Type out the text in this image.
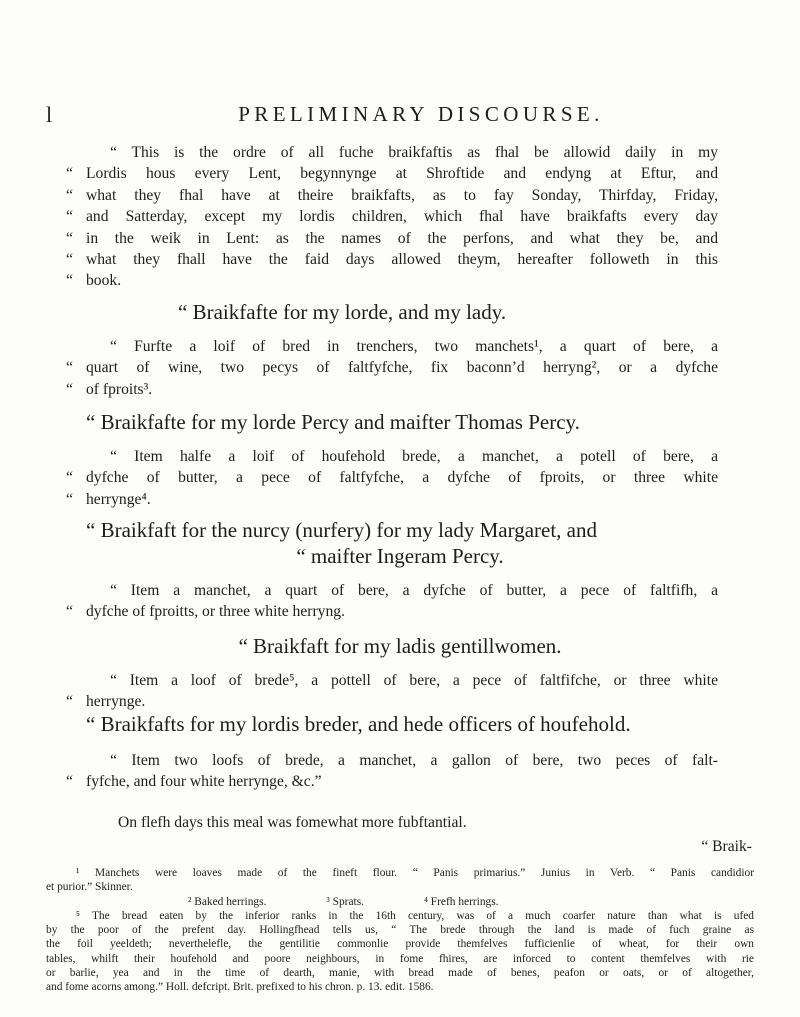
l	PRELIMINARY DISCOURSE.
“ This is the ordre of all fuche braikfaftis as fhal be allowid daily in my
“ Lordis hous every Lent, begynnynge at Shroftide and endyng at Eftur, and
“ what they fhal have at theire braikfafts, as to fay Sonday, Thirfday, Friday,
“ and Satterday, except my lordis children, which fhal have braikfafts every day
“ in the weik in Lent: as the names of the perfons, and what they be, and
“ what they fhall have the faid days allowed theym, hereafter followeth in this
“ book.
“ Braikfafte for my lorde, and my lady.
“ Furfte a loif of bred in trenchers, two manchets¹, a quart of bere, a
“ quart of wine, two pecys of faltfyfche, fix baconn’d herryng², or a dyfche
“ of fproits³.
“ Braikfafte for my lorde Percy and maifter Thomas Percy.
“ Item halfe a loif of houfehold brede, a manchet, a potell of bere, a
“ dyfche of butter, a pece of faltfyfche, a dyfche of fproits, or three white
“ herrynge⁴.
“ Braikfaft for the nurcy (nurfery) for my lady Margaret, and
“ maifter Ingeram Percy.
“ Item a manchet, a quart of bere, a dyfche of butter, a pece of faltfifh, a
“ dyfche of fproitts, or three white herryng.
“ Braikfaft for my ladis gentillwomen.
“ Item a loof of brede⁵, a pottell of bere, a pece of faltfifche, or three white
“ herrynge.
“ Braikfafts for my lordis breder, and hede officers of houfehold.
“ Item two loofs of brede, a manchet, a gallon of bere, two peces of falt-
“ fyfche, and four white herrynge, &c.”
On flefh days this meal was fomewhat more fubftantial.
“ Braik-
¹ Manchets were loaves made of the fineft flour. “ Panis primarius.” Junius in Verb. “ Panis candidior
et purior.” Skinner.
² Baked herrings.	³ Sprats.	⁴ Frefh herrings.
⁵ The bread eaten by the inferior ranks in the 16th century, was of a much coarfer nature than what is ufed
by the poor of the prefent day. Hollingfhead tells us, “ The brede through the land is made of fuch graine as
the foil yeeldeth; neverthelefle, the gentilitie commonlie provide themfelves fufficienlie of wheat, for their own
tables, whilft their houfehold and poore neighbours, in fome fhires, are inforced to content themfelves with rie
or barlie, yea and in the time of dearth, manie, with bread made of benes, peafon or oats, or of altogether,
and fome acorns among.” Holl. defcript. Brit. prefixed to his chron. p. 13. edit. 1586.
